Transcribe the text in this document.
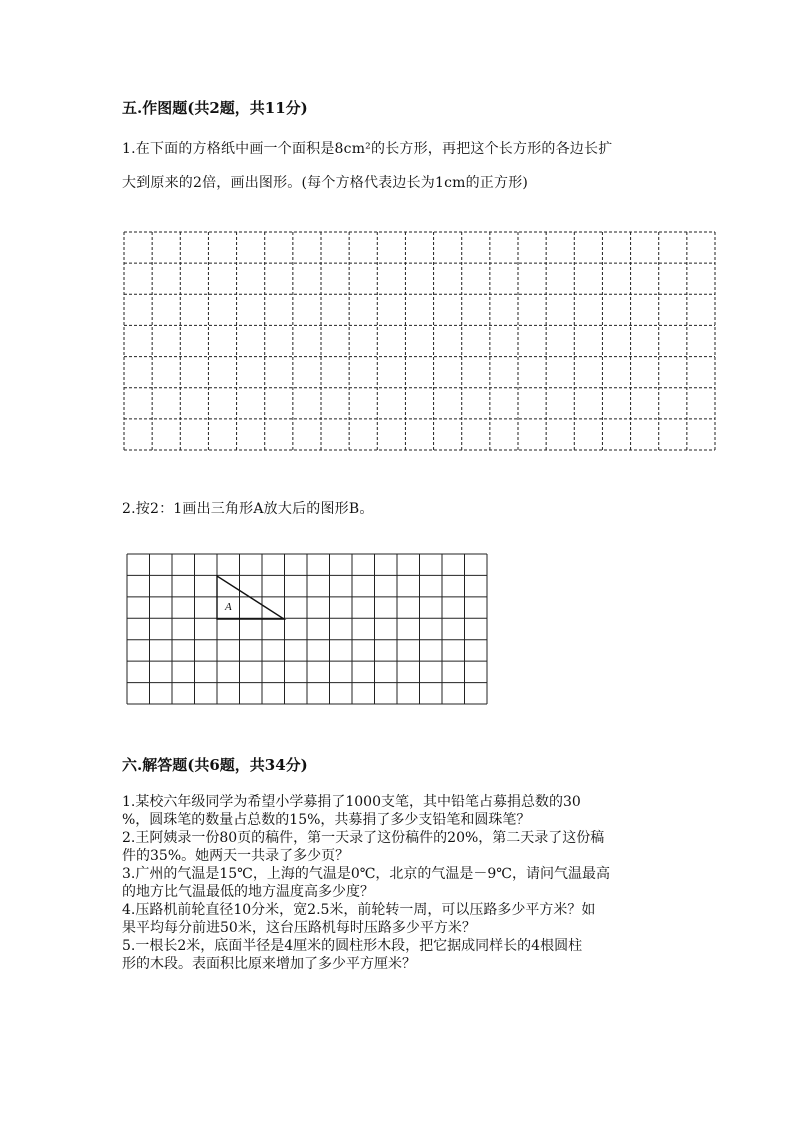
五.作图题(共2题，共11分)
1.在下面的方格纸中画一个面积是8cm²的长方形，再把这个长方形的各边长扩
大到原来的2倍，画出图形。(每个方格代表边长为1cm的正方形)
2.按2：1画出三角形A放大后的图形B。
A
六.解答题(共6题，共34分)
1.某校六年级同学为希望小学募捐了1000支笔，其中铅笔占募捐总数的30
%，圆珠笔的数量占总数的15%，共募捐了多少支铅笔和圆珠笔？
2.王阿姨录一份80页的稿件，第一天录了这份稿件的20%，第二天录了这份稿
件的35%。她两天一共录了多少页？
3.广州的气温是15℃，上海的气温是0℃，北京的气温是－9℃，请问气温最高
的地方比气温最低的地方温度高多少度？
4.压路机前轮直径10分米，宽2.5米，前轮转一周，可以压路多少平方米？如
果平均每分前进50米，这台压路机每时压路多少平方米？
5.一根长2米，底面半径是4厘米的圆柱形木段，把它据成同样长的4根圆柱
形的木段。表面积比原来增加了多少平方厘米？
